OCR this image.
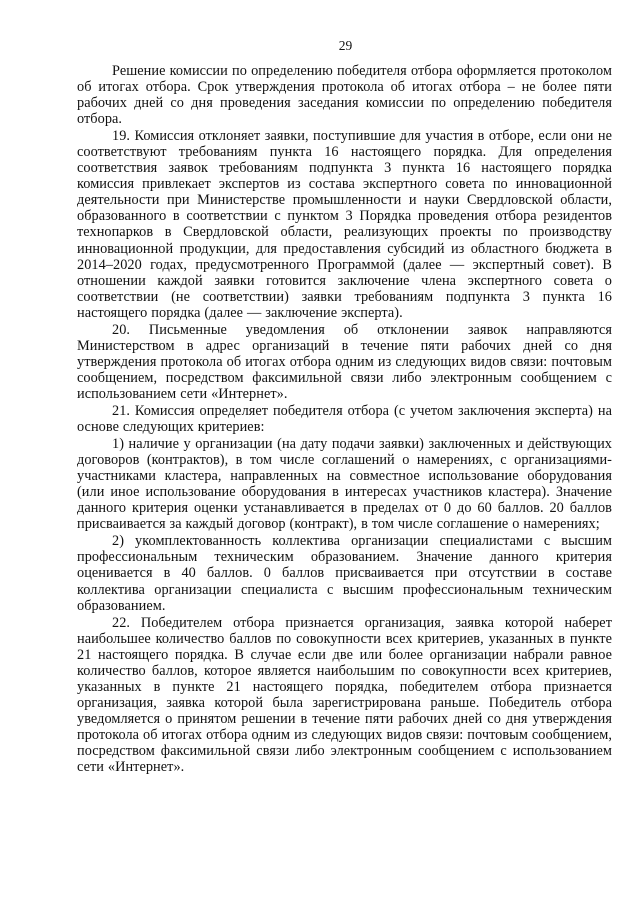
29

Решение комиссии по определению победителя отбора оформляется протоколом об итогах отбора. Срок утверждения протокола об итогах отбора – не более пяти рабочих дней со дня проведения заседания комиссии по определению победителя отбора.

19. Комиссия отклоняет заявки, поступившие для участия в отборе, если они не соответствуют требованиям пункта 16 настоящего порядка. Для определения соответствия заявок требованиям подпункта 3 пункта 16 настоящего порядка комиссия привлекает экспертов из состава экспертного совета по инновационной деятельности при Министерстве промышленности и науки Свердловской области, образованного в соответствии с пунктом 3 Порядка проведения отбора резидентов технопарков в Свердловской области, реализующих проекты по производству инновационной продукции, для предоставления субсидий из областного бюджета в 2014–2020 годах, предусмотренного Программой (далее — экспертный совет). В отношении каждой заявки готовится заключение члена экспертного совета о соответствии (не соответствии) заявки требованиям подпункта 3 пункта 16 настоящего порядка (далее — заключение эксперта).

20. Письменные уведомления об отклонении заявок направляются Министерством в адрес организаций в течение пяти рабочих дней со дня утверждения протокола об итогах отбора одним из следующих видов связи: почтовым сообщением, посредством факсимильной связи либо электронным сообщением с использованием сети «Интернет».

21. Комиссия определяет победителя отбора (с учетом заключения эксперта) на основе следующих критериев:

1) наличие у организации (на дату подачи заявки) заключенных и действующих договоров (контрактов), в том числе соглашений о намерениях, с организациями-участниками кластера, направленных на совместное использование оборудования (или иное использование оборудования в интересах участников кластера). Значение данного критерия оценки устанавливается в пределах от 0 до 60 баллов. 20 баллов присваивается за каждый договор (контракт), в том числе соглашение о намерениях;

2) укомплектованность коллектива организации специалистами с высшим профессиональным техническим образованием. Значение данного критерия оценивается в 40 баллов. 0 баллов присваивается при отсутствии в составе коллектива организации специалиста с высшим профессиональным техническим образованием.

22. Победителем отбора признается организация, заявка которой наберет наибольшее количество баллов по совокупности всех критериев, указанных в пункте 21 настоящего порядка. В случае если две или более организации набрали равное количество баллов, которое является наибольшим по совокупности всех критериев, указанных в пункте 21 настоящего порядка, победителем отбора признается организация, заявка которой была зарегистрирована раньше. Победитель отбора уведомляется о принятом решении в течение пяти рабочих дней со дня утверждения протокола об итогах отбора одним из следующих видов связи: почтовым сообщением, посредством факсимильной связи либо электронным сообщением с использованием сети «Интернет».
